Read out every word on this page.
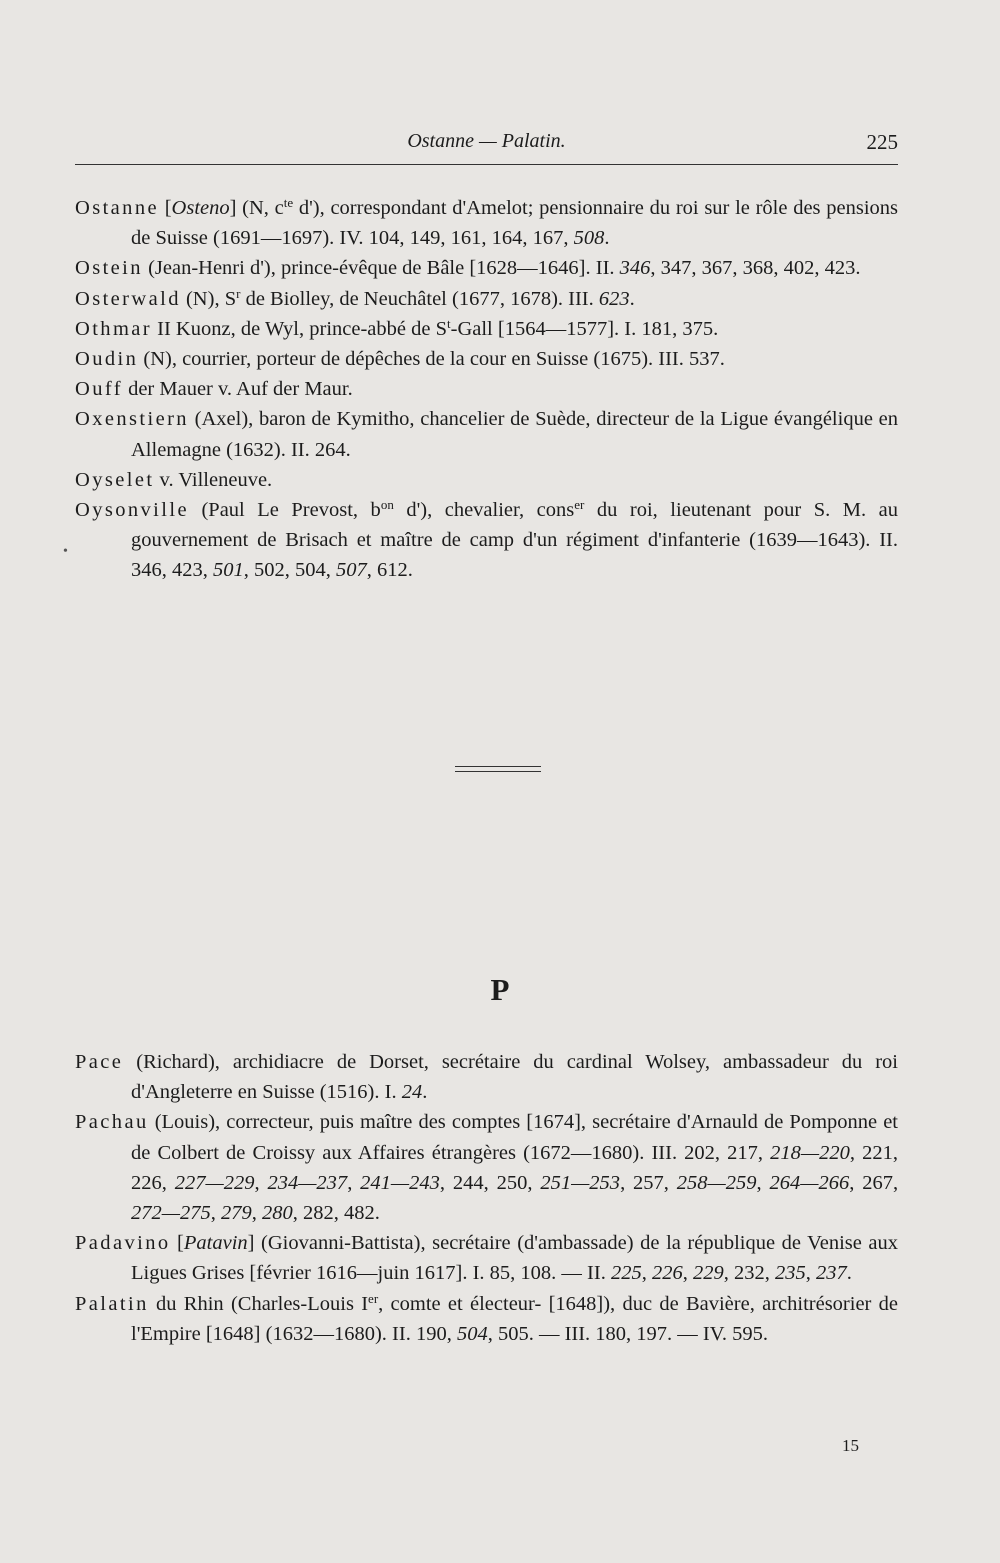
Ostanne — Palatin.	225
•

Ostanne [Osteno] (N, $c^{te}$ d'), correspondant d'Amelot; pensionnaire du roi sur le rôle des pensions de Suisse (1691—1697). IV. 104, 149, 161, 164, 167, 508.

Ostein (Jean-Henri d'), prince-évêque de Bâle [1628—1646]. II. 346, 347, 367, 368, 402, 423.

Osterwald (N), $S^r$ de Biolley, de Neuchâtel (1677, 1678). III. 623.

Othmar II Kuonz, de Wyl, prince-abbé de $S^t$-Gall [1564—1577]. I. 181, 375.

Oudin (N), courrier, porteur de dépêches de la cour en Suisse (1675). III. 537.

Ouff der Mauer v. Auf der Maur.

Oxenstiern (Axel), baron de Kymitho, chancelier de Suède, directeur de la Ligue évangélique en Allemagne (1632). II. 264.

Oyselet v. Villeneuve.

Oysonville (Paul Le Prevost, $b^{on}$ d'), chevalier, cons$^{er}$ du roi, lieutenant pour S. M. au gouvernement de Brisach et maître de camp d'un régiment d'infanterie (1639—1643). II. 346, 423, 501, 502, 504, 507, 612.

P

Pace (Richard), archidiacre de Dorset, secrétaire du cardinal Wolsey, ambassadeur du roi d'Angleterre en Suisse (1516). I. 24.

Pachau (Louis), correcteur, puis maître des comptes [1674], secrétaire d'Arnauld de Pomponne et de Colbert de Croissy aux Affaires étrangères (1672—1680). III. 202, 217, 218—220, 221, 226, 227—229, 234—237, 241—243, 244, 250, 251—253, 257, 258—259, 264—266, 267, 272—275, 279, 280, 282, 482.

Padavino [Patavin] (Giovanni-Battista), secrétaire (d'ambassade) de la république de Venise aux Ligues Grises [février 1616—juin 1617]. I. 85, 108. — II. 225, 226, 229, 232, 235, 237.

Palatin du Rhin (Charles-Louis Ier, comte et électeur- [1648]), duc de Bavière, architrésorier de l'Empire [1648] (1632—1680). II. 190, 504, 505. — III. 180, 197. — IV. 595.

15
